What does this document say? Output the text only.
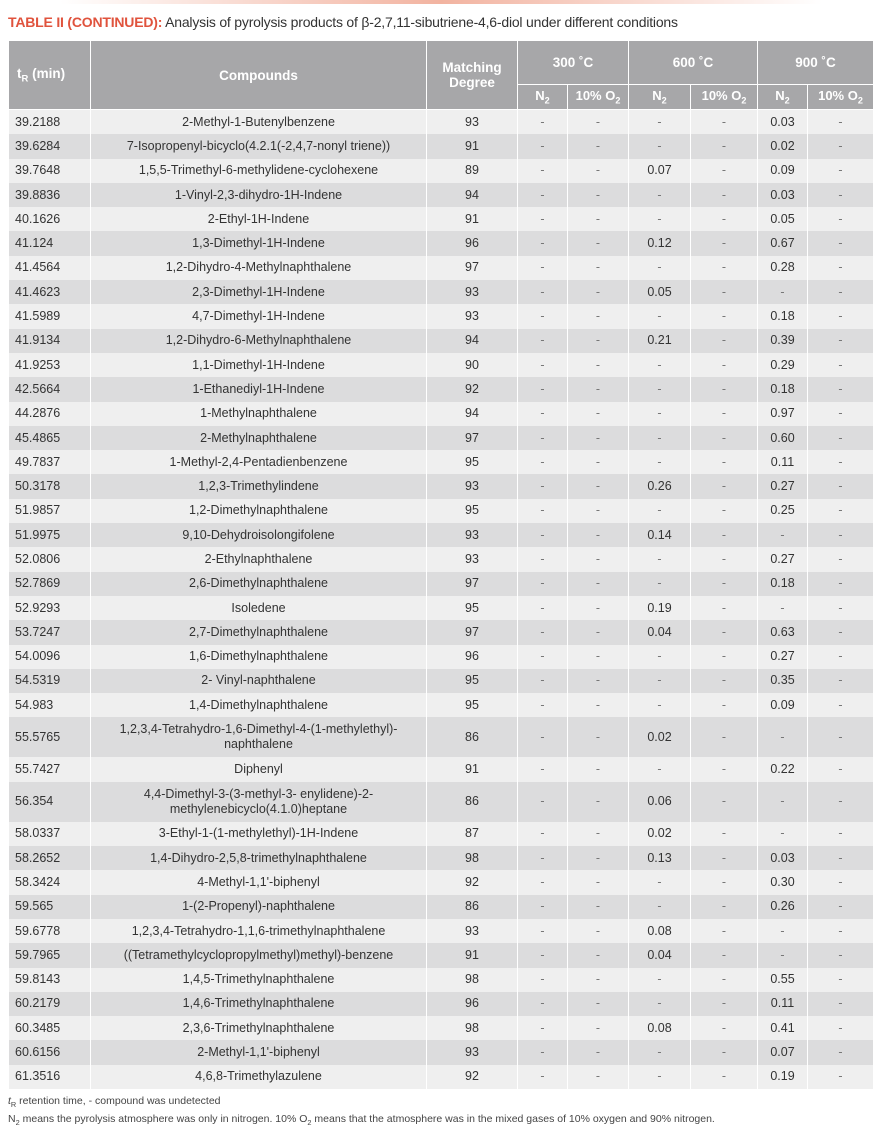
TABLE II (CONTINUED): Analysis of pyrolysis products of β-2,7,11-sibutriene-4,6-diol under different conditions
$t_R$ (min)	Compounds	Matching Degree	300 ˚C		600 ˚C		900 ˚C	
			$N_2$	10% $O_2$	$N_2$	10% $O_2$	$N_2$	10% $O_2$
39.2188	2-Methyl-1-Butenylbenzene	93	-	-	-	-	0.03	-
39.6284	7-Isopropenyl-bicyclo(4.2.1(-2,4,7-nonyl triene))	91	-	-	-	-	0.02	-
39.7648	1,5,5-Trimethyl-6-methylidene-cyclohexene	89	-	-	0.07	-	0.09	-
39.8836	1-Vinyl-2,3-dihydro-1H-Indene	94	-	-	-	-	0.03	-
40.1626	2-Ethyl-1H-Indene	91	-	-	-	-	0.05	-
41.124	1,3-Dimethyl-1H-Indene	96	-	-	0.12	-	0.67	-
41.4564	1,2-Dihydro-4-Methylnaphthalene	97	-	-	-	-	0.28	-
41.4623	2,3-Dimethyl-1H-Indene	93	-	-	0.05	-	-	-
41.5989	4,7-Dimethyl-1H-Indene	93	-	-	-	-	0.18	-
41.9134	1,2-Dihydro-6-Methylnaphthalene	94	-	-	0.21	-	0.39	-
41.9253	1,1-Dimethyl-1H-Indene	90	-	-	-	-	0.29	-
42.5664	1-Ethanediyl-1H-Indene	92	-	-	-	-	0.18	-
44.2876	1-Methylnaphthalene	94	-	-	-	-	0.97	-
45.4865	2-Methylnaphthalene	97	-	-	-	-	0.60	-
49.7837	1-Methyl-2,4-Pentadienbenzene	95	-	-	-	-	0.11	-
50.3178	1,2,3-Trimethylindene	93	-	-	0.26	-	0.27	-
51.9857	1,2-Dimethylnaphthalene	95	-	-	-	-	0.25	-
51.9975	9,10-Dehydroisolongifolene	93	-	-	0.14	-	-	-
52.0806	2-Ethylnaphthalene	93	-	-	-	-	0.27	-
52.7869	2,6-Dimethylnaphthalene	97	-	-	-	-	0.18	-
52.9293	Isoledene	95	-	-	0.19	-	-	-
53.7247	2,7-Dimethylnaphthalene	97	-	-	0.04	-	0.63	-
54.0096	1,6-Dimethylnaphthalene	96	-	-	-	-	0.27	-
54.5319	2- Vinyl-naphthalene	95	-	-	-	-	0.35	-
54.983	1,4-Dimethylnaphthalene	95	-	-	-	-	0.09	-
55.5765	1,2,3,4-Tetrahydro-1,6-Dimethyl-4-(1-methylethyl)-naphthalene	86	-	-	0.02	-	-	-
55.7427	Diphenyl	91	-	-	-	-	0.22	-
56.354	4,4-Dimethyl-3-(3-methyl-3- enylidene)-2-methylenebicyclo(4.1.0)heptane	86	-	-	0.06	-	-	-
58.0337	3-Ethyl-1-(1-methylethyl)-1H-Indene	87	-	-	0.02	-	-	-
58.2652	1,4-Dihydro-2,5,8-trimethylnaphthalene	98	-	-	0.13	-	0.03	-
58.3424	4-Methyl-1,1'-biphenyl	92	-	-	-	-	0.30	-
59.565	1-(2-Propenyl)-naphthalene	86	-	-	-	-	0.26	-
59.6778	1,2,3,4-Tetrahydro-1,1,6-trimethylnaphthalene	93	-	-	0.08	-	-	-
59.7965	((Tetramethylcyclopropylmethyl)methyl)-benzene	91	-	-	0.04	-	-	-
59.8143	1,4,5-Trimethylnaphthalene	98	-	-	-	-	0.55	-
60.2179	1,4,6-Trimethylnaphthalene	96	-	-	-	-	0.11	-
60.3485	2,3,6-Trimethylnaphthalene	98	-	-	0.08	-	0.41	-
60.6156	2-Methyl-1,1'-biphenyl	93	-	-	-	-	0.07	-
61.3516	4,6,8-Trimethylazulene	92	-	-	-	-	0.19	-
$t_R$ retention time, - compound was undetected
$N_2$ means the pyrolysis atmosphere was only in nitrogen. 10% $O_2$ means that the atmosphere was in the mixed gases of 10% oxygen and 90% nitrogen.
